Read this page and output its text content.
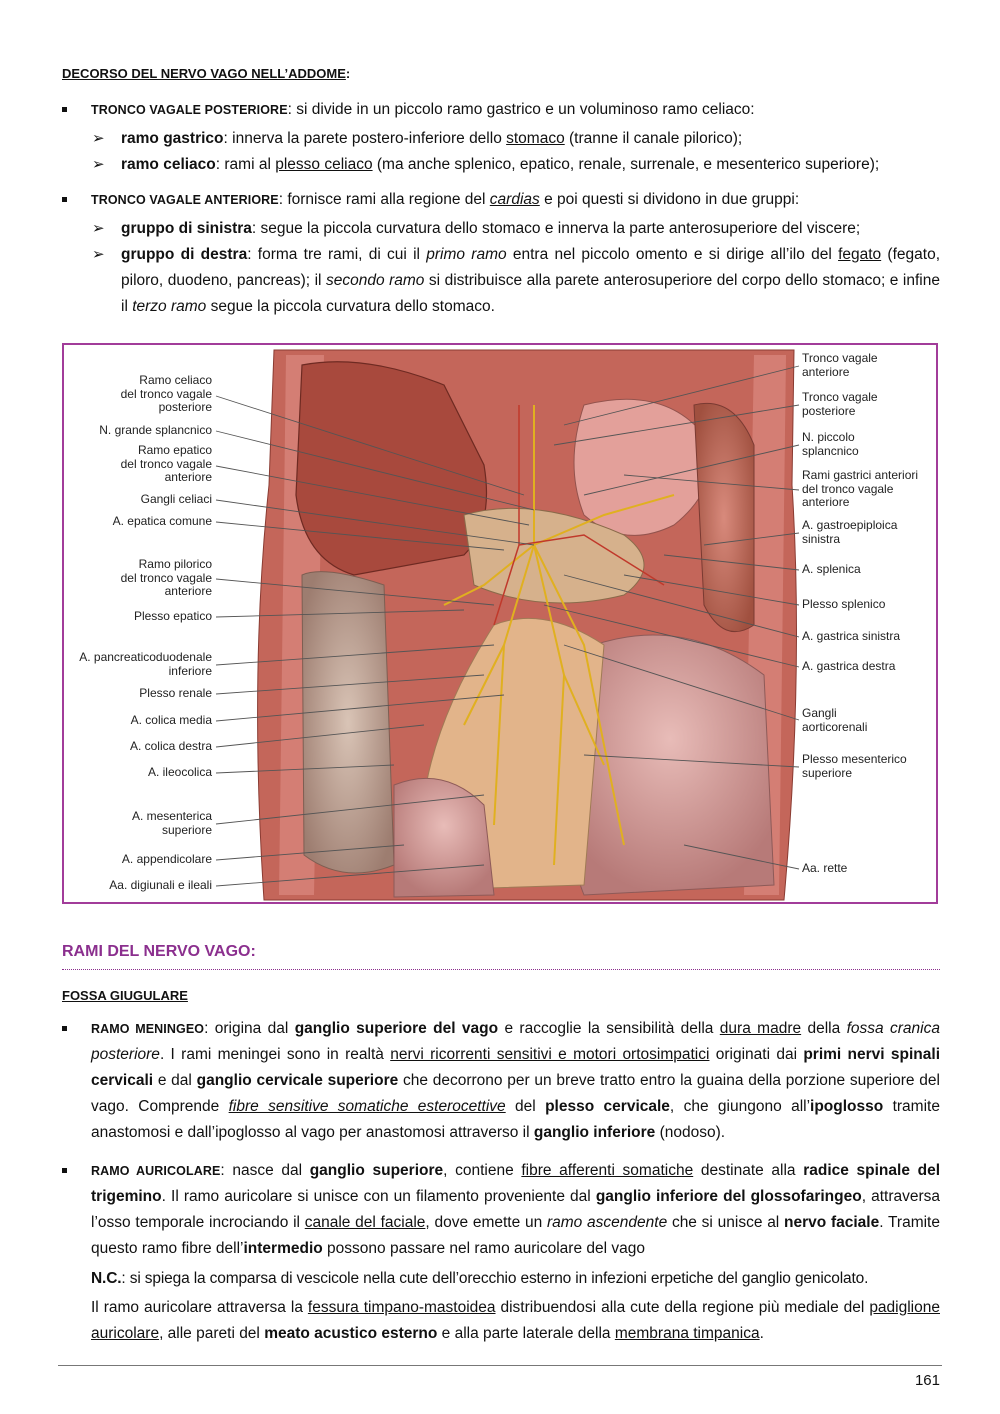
DECORSO DEL NERVO VAGO NELL’ADDOME:
TRONCO VAGALE POSTERIORE: si divide in un piccolo ramo gastrico e un voluminoso ramo celiaco:
➢ ramo gastrico: innerva la parete postero-inferiore dello stomaco (tranne il canale pilorico);
➢ ramo celiaco: rami al plesso celiaco (ma anche splenico, epatico, renale, surrenale, e mesenterico superiore);
TRONCO VAGALE ANTERIORE: fornisce rami alla regione del cardias e poi questi si dividono in due gruppi:
➢ gruppo di sinistra: segue la piccola curvatura dello stomaco e innerva la parte anterosuperiore del viscere;
➢ gruppo di destra: forma tre rami, di cui il primo ramo entra nel piccolo omento e si dirige all’ilo del fegato (fegato, piloro, duodeno, pancreas); il secondo ramo si distribuisce alla parete anterosuperiore del corpo dello stomaco; e infine il terzo ramo segue la piccola curvatura dello stomaco.
Ramo celiaco
del tronco vagale
posteriore
N. grande splancnico
Ramo epatico
del tronco vagale
anteriore
Gangli celiaci
A. epatica comune
Ramo pilorico
del tronco vagale
anteriore
Plesso epatico
A. pancreaticoduodenale
inferiore
Plesso renale
A. colica media
A. colica destra
A. ileocolica
A. mesenterica
superiore
A. appendicolare
Aa. digiunali e ileali
Tronco vagale
anteriore
Tronco vagale
posteriore
N. piccolo
splancnico
Rami gastrici anteriori
del tronco vagale
anteriore
A. gastroepiploica
sinistra
A. splenica
Plesso splenico
A. gastrica sinistra
A. gastrica destra
Gangli
aorticorenali
Plesso mesenterico
superiore
Aa. rette
RAMI DEL NERVO VAGO:
FOSSA GIUGULARE
RAMO MENINGEO: origina dal ganglio superiore del vago e raccoglie la sensibilità della dura madre della fossa cranica posteriore. I rami meningei sono in realtà nervi ricorrenti sensitivi e motori ortosimpatici originati dai primi nervi spinali cervicali e dal ganglio cervicale superiore che decorrono per un breve tratto entro la guaina della porzione superiore del vago. Comprende fibre sensitive somatiche esterocettive del plesso cervicale, che giungono all’ipoglosso tramite anastomosi e dall’ipoglosso al vago per anastomosi attraverso il ganglio inferiore (nodoso).
RAMO AURICOLARE: nasce dal ganglio superiore, contiene fibre afferenti somatiche destinate alla radice spinale del trigemino. Il ramo auricolare si unisce con un filamento proveniente dal ganglio inferiore del glossofaringeo, attraversa l’osso temporale incrociando il canale del faciale, dove emette un ramo ascendente che si unisce al nervo faciale. Tramite questo ramo fibre dell’intermedio possono passare nel ramo auricolare del vago
N.C.: si spiega la comparsa di vescicole nella cute dell’orecchio esterno in infezioni erpetiche del ganglio genicolato.
Il ramo auricolare attraversa la fessura timpano-mastoidea distribuendosi alla cute della regione più mediale del padiglione auricolare, alle pareti del meato acustico esterno e alla parte laterale della membrana timpanica.
161
